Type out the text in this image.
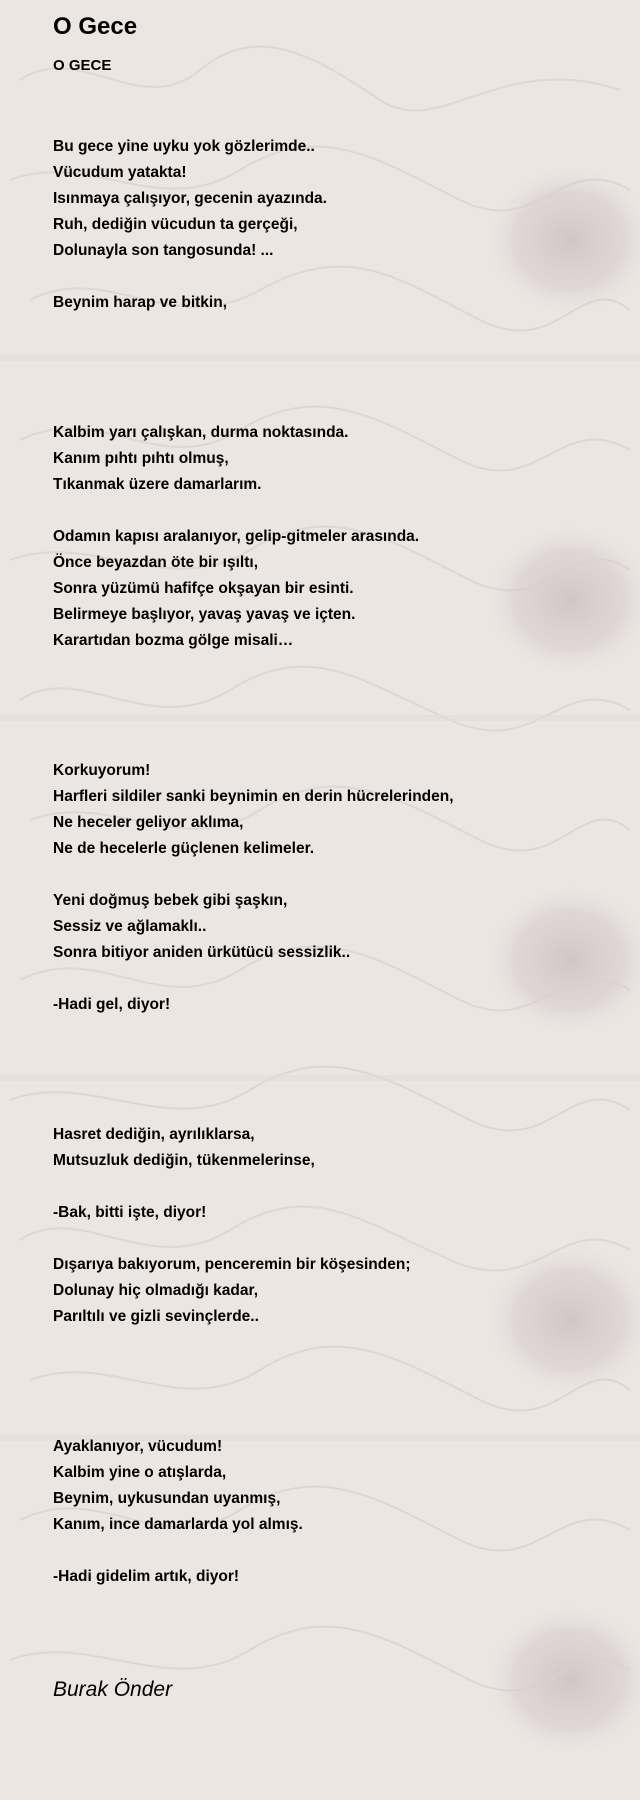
O Gece
O GECE
Bu gece yine uyku yok gözlerimde..
Vücudum yatakta!
Isınmaya çalışıyor, gecenin ayazında.
Ruh, dediğin vücudun ta gerçeği,
Dolunayla son tangosunda! ...
Beynim harap ve bitkin,
Kalbim yarı çalışkan, durma noktasında.
Kanım pıhtı pıhtı olmuş,
Tıkanmak üzere damarlarım.
Odamın kapısı aralanıyor, gelip-gitmeler arasında.
Önce beyazdan öte bir ışıltı,
Sonra yüzümü hafifçe okşayan bir esinti.
Belirmeye başlıyor, yavaş yavaş ve içten.
Karartıdan bozma gölge misali…
Korkuyorum!
Harfleri sildiler sanki beynimin en derin hücrelerinden,
Ne heceler geliyor aklıma,
Ne de hecelerle güçlenen kelimeler.
Yeni doğmuş bebek gibi şaşkın,
Sessiz ve ağlamaklı..
Sonra bitiyor aniden ürkütücü sessizlik..
-Hadi gel, diyor!
Hasret dediğin, ayrılıklarsa,
Mutsuzluk dediğin, tükenmelerinse,
-Bak, bitti işte, diyor!
Dışarıya bakıyorum, penceremin bir köşesinden;
Dolunay hiç olmadığı kadar,
Parıltılı ve gizli sevinçlerde..
Ayaklanıyor, vücudum!
Kalbim yine o atışlarda,
Beynim, uykusundan uyanmış,
Kanım, ince damarlarda yol almış.
-Hadi gidelim artık, diyor!
Burak Önder
